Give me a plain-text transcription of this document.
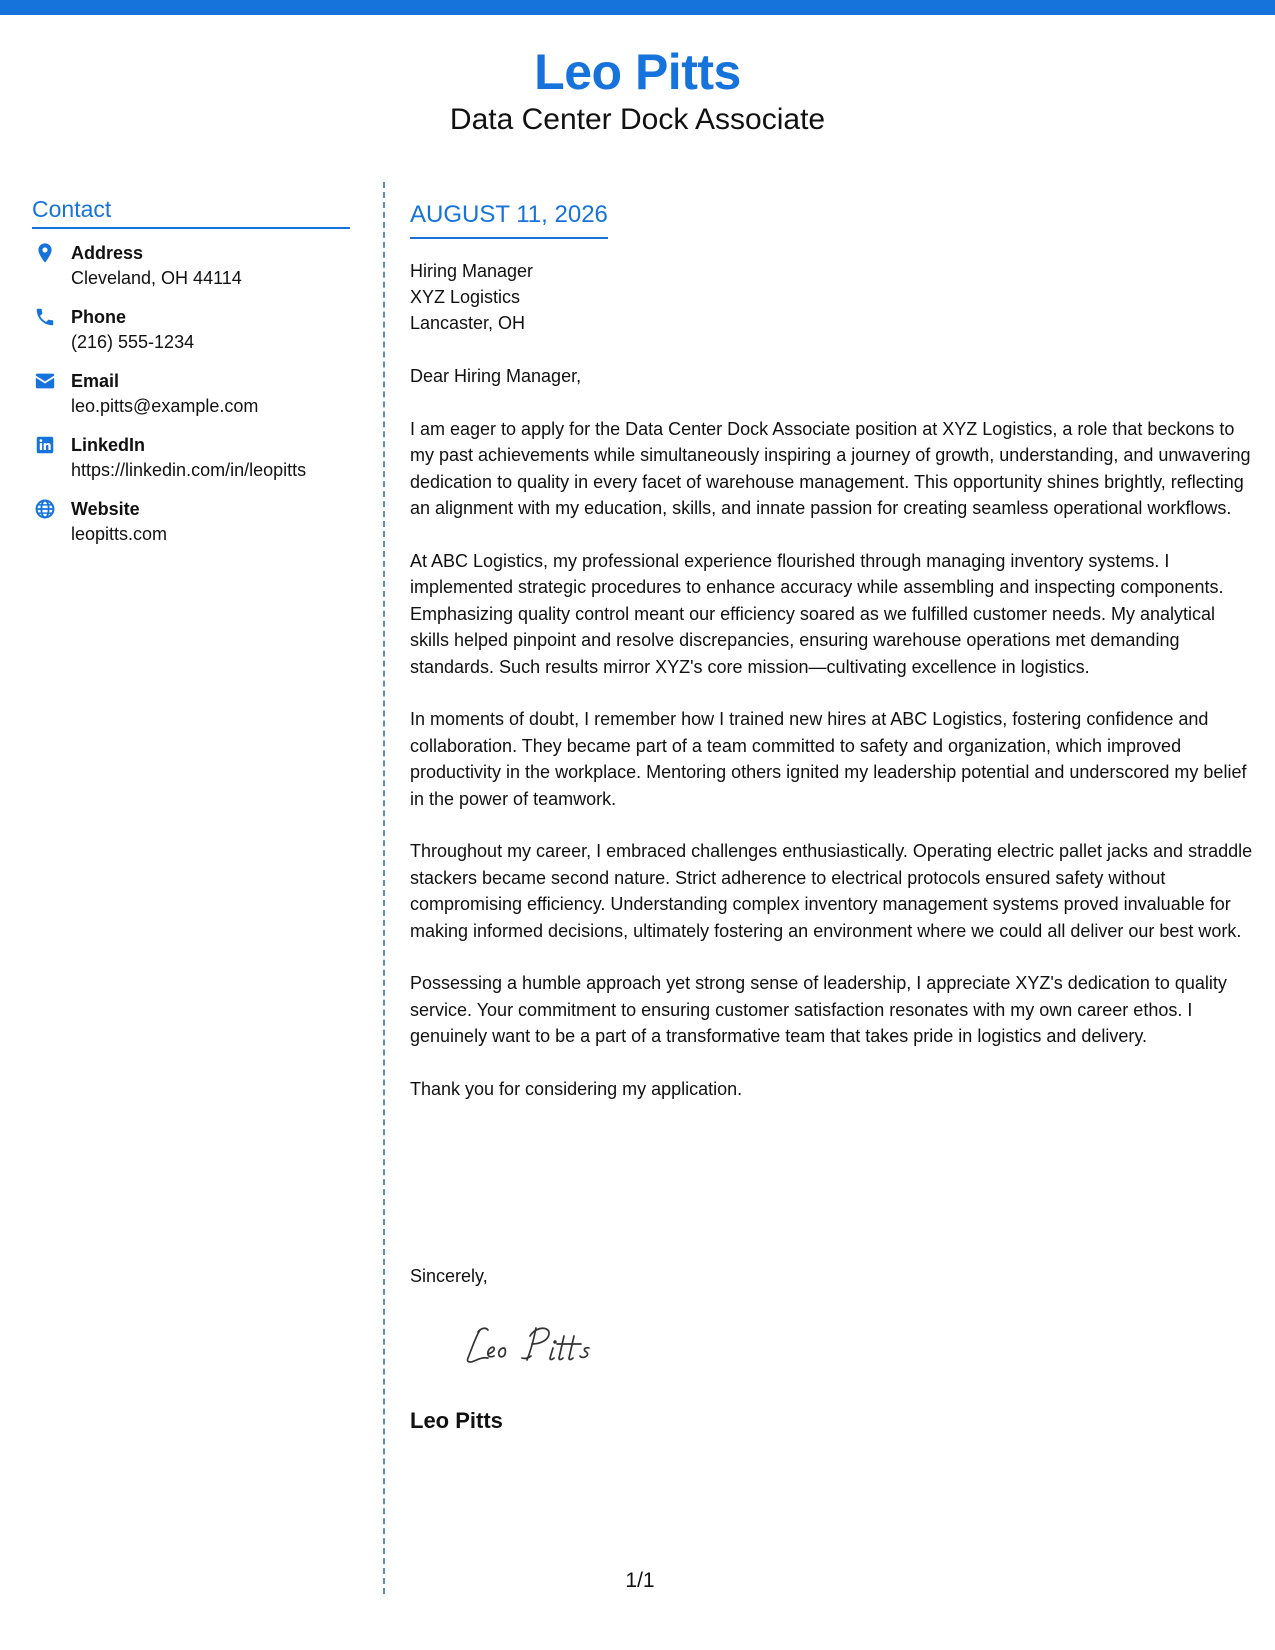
Leo Pitts
Data Center Dock Associate
Contact
Address
Cleveland, OH 44114
Phone
(216) 555-1234
Email
leo.pitts@example.com
LinkedIn
https://linkedin.com/in/leopitts
Website
leopitts.com
AUGUST 11, 2026
Hiring Manager
XYZ Logistics
Lancaster, OH

Dear Hiring Manager,

I am eager to apply for the Data Center Dock Associate position at XYZ Logistics, a role that beckons to my past achievements while simultaneously inspiring a journey of growth, understanding, and unwavering dedication to quality in every facet of warehouse management. This opportunity shines brightly, reflecting an alignment with my education, skills, and innate passion for creating seamless operational workflows.

At ABC Logistics, my professional experience flourished through managing inventory systems. I implemented strategic procedures to enhance accuracy while assembling and inspecting components. Emphasizing quality control meant our efficiency soared as we fulfilled customer needs. My analytical skills helped pinpoint and resolve discrepancies, ensuring warehouse operations met demanding standards. Such results mirror XYZ's core mission—cultivating excellence in logistics.

In moments of doubt, I remember how I trained new hires at ABC Logistics, fostering confidence and collaboration. They became part of a team committed to safety and organization, which improved productivity in the workplace. Mentoring others ignited my leadership potential and underscored my belief in the power of teamwork.

Throughout my career, I embraced challenges enthusiastically. Operating electric pallet jacks and straddle stackers became second nature. Strict adherence to electrical protocols ensured safety without compromising efficiency. Understanding complex inventory management systems proved invaluable for making informed decisions, ultimately fostering an environment where we could all deliver our best work.

Possessing a humble approach yet strong sense of leadership, I appreciate XYZ's dedication to quality service. Your commitment to ensuring customer satisfaction resonates with my own career ethos. I genuinely want to be a part of a transformative team that takes pride in logistics and delivery.

Thank you for considering my application.

Sincerely,
Leo Pitts
1/1
